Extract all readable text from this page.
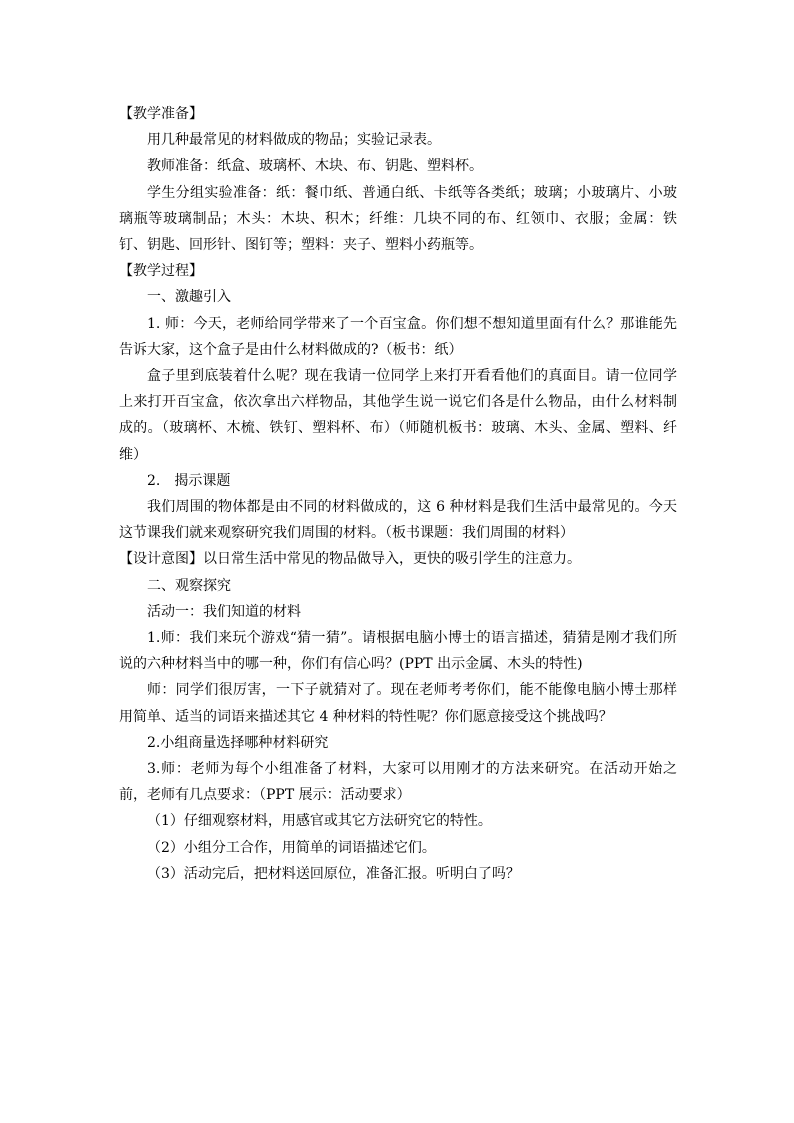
【教学准备】

用几种最常见的材料做成的物品；实验记录表。

教师准备：纸盒、玻璃杯、木块、布、钥匙、塑料杯。

学生分组实验准备：纸：餐巾纸、普通白纸、卡纸等各类纸；玻璃；小玻璃片、小玻璃瓶等玻璃制品；木头：木块、积木；纤维：几块不同的布、红领巾、衣服；金属：铁钉、钥匙、回形针、图钉等；塑料：夹子、塑料小药瓶等。

【教学过程】

一、激趣引入

1. 师：今天，老师给同学带来了一个百宝盒。你们想不想知道里面有什么？那谁能先告诉大家，这个盒子是由什么材料做成的?（板书：纸）

盒子里到底装着什么呢？现在我请一位同学上来打开看看他们的真面目。请一位同学上来打开百宝盒，依次拿出六样物品，其他学生说一说它们各是什么物品，由什么材料制成的。（玻璃杯、木梳、铁钉、塑料杯、布）（师随机板书：玻璃、木头、金属、塑料、纤维）

2.　揭示课题

我们周围的物体都是由不同的材料做成的，这 6 种材料是我们生活中最常见的。今天这节课我们就来观察研究我们周围的材料。（板书课题：我们周围的材料）

【设计意图】以日常生活中常见的物品做导入，更快的吸引学生的注意力。

二、观察探究

活动一：我们知道的材料

1.师：我们来玩个游戏“猜一猜”。请根据电脑小博士的语言描述，猜猜是刚才我们所说的六种材料当中的哪一种，你们有信心吗？(PPT 出示金属、木头的特性)

师：同学们很厉害，一下子就猜对了。现在老师考考你们，能不能像电脑小博士那样用简单、适当的词语来描述其它 4 种材料的特性呢？你们愿意接受这个挑战吗？

2.小组商量选择哪种材料研究

3.师：老师为每个小组准备了材料，大家可以用刚才的方法来研究。在活动开始之前，老师有几点要求：（PPT 展示：活动要求）

（1）仔细观察材料，用感官或其它方法研究它的特性。

（2）小组分工合作，用简单的词语描述它们。

（3）活动完后，把材料送回原位，准备汇报。听明白了吗？
